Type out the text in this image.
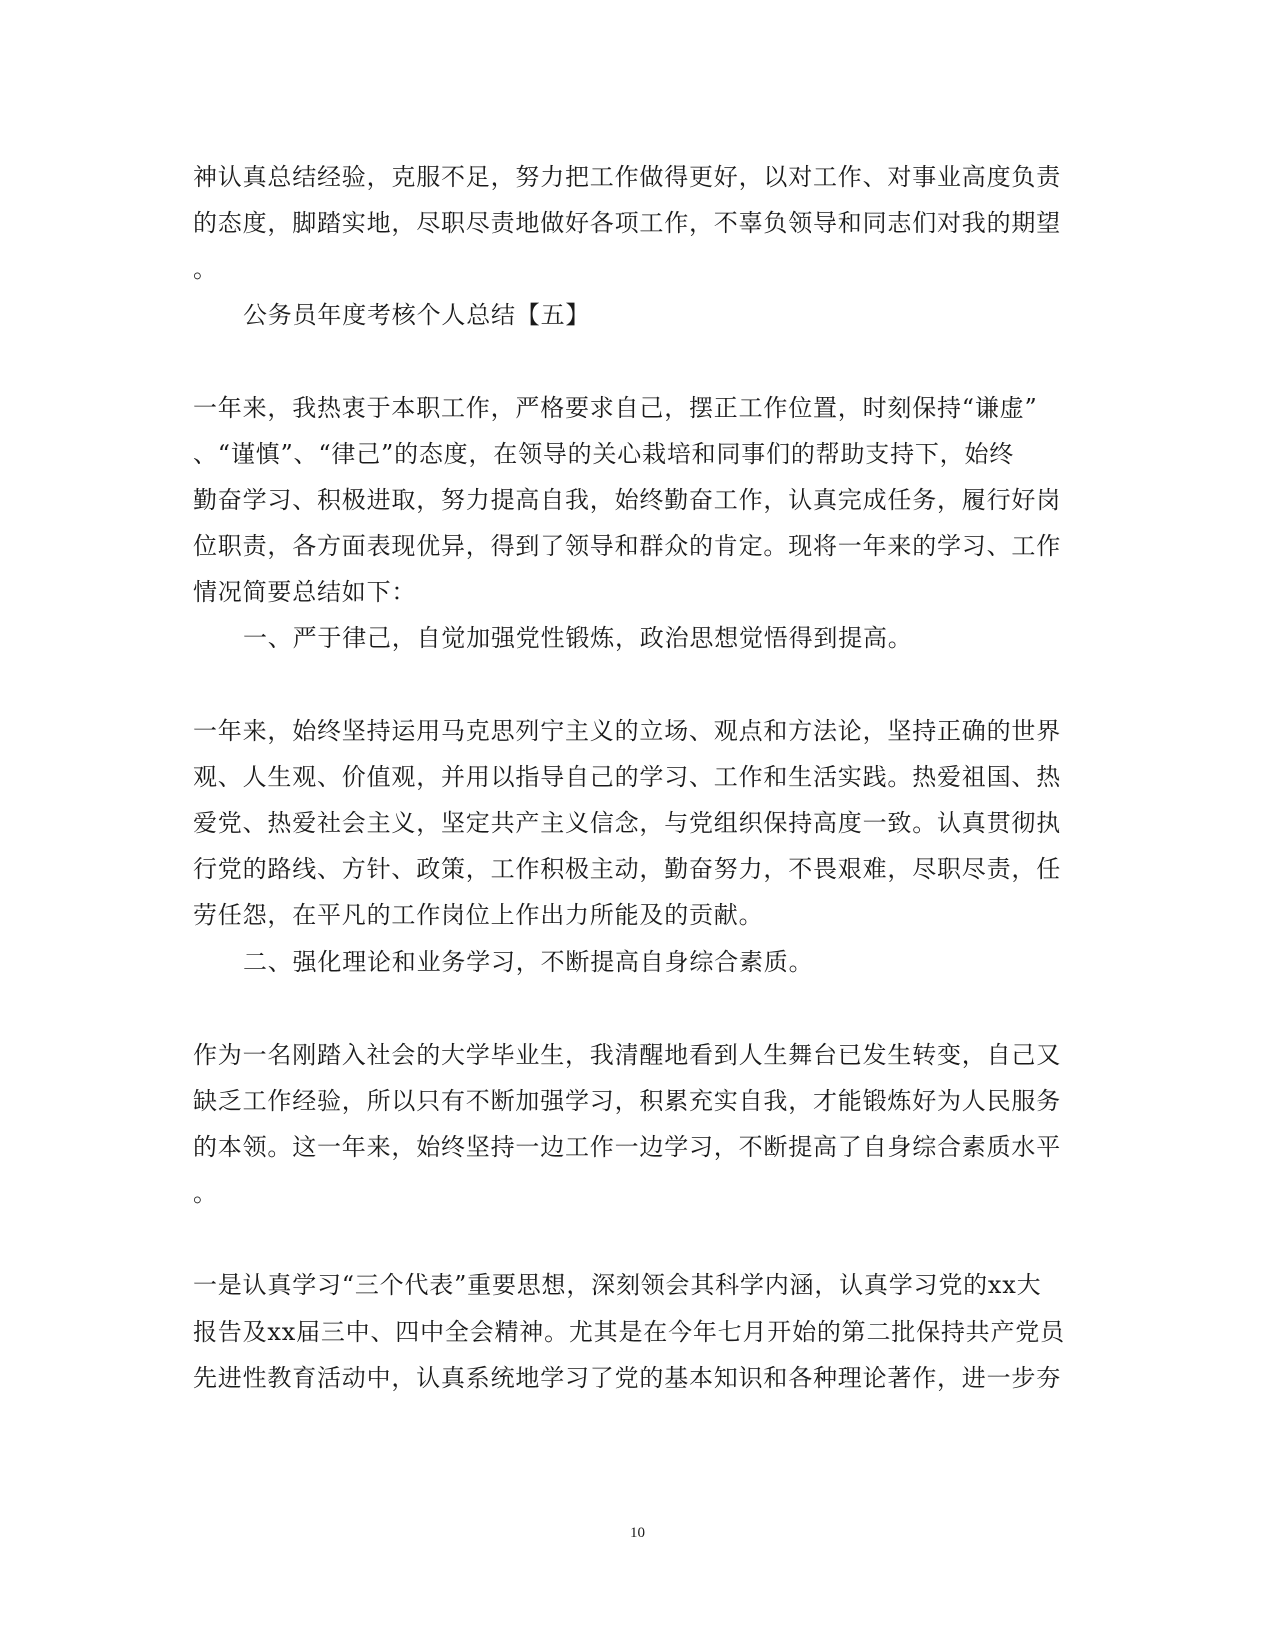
神认真总结经验，克服不足，努力把工作做得更好，以对工作、对事业高度负责
的态度，脚踏实地，尽职尽责地做好各项工作，不辜负领导和同志们对我的期望
。
公务员年度考核个人总结【五】
一年来，我热衷于本职工作，严格要求自己，摆正工作位置，时刻保持“谦虚”
、“谨慎”、“律己”的态度，在领导的关心栽培和同事们的帮助支持下，始终
勤奋学习、积极进取，努力提高自我，始终勤奋工作，认真完成任务，履行好岗
位职责，各方面表现优异，得到了领导和群众的肯定。现将一年来的学习、工作
情况简要总结如下：
一、严于律己，自觉加强党性锻炼，政治思想觉悟得到提高。
一年来，始终坚持运用马克思列宁主义的立场、观点和方法论，坚持正确的世界
观、人生观、价值观，并用以指导自己的学习、工作和生活实践。热爱祖国、热
爱党、热爱社会主义，坚定共产主义信念，与党组织保持高度一致。认真贯彻执
行党的路线、方针、政策，工作积极主动，勤奋努力，不畏艰难，尽职尽责，任
劳任怨，在平凡的工作岗位上作出力所能及的贡献。
二、强化理论和业务学习，不断提高自身综合素质。
作为一名刚踏入社会的大学毕业生，我清醒地看到人生舞台已发生转变，自己又
缺乏工作经验，所以只有不断加强学习，积累充实自我，才能锻炼好为人民服务
的本领。这一年来，始终坚持一边工作一边学习，不断提高了自身综合素质水平
。
一是认真学习“三个代表”重要思想，深刻领会其科学内涵，认真学习党的xx大
报告及xx届三中、四中全会精神。尤其是在今年七月开始的第二批保持共产党员
先进性教育活动中，认真系统地学习了党的基本知识和各种理论著作，进一步夯
10
